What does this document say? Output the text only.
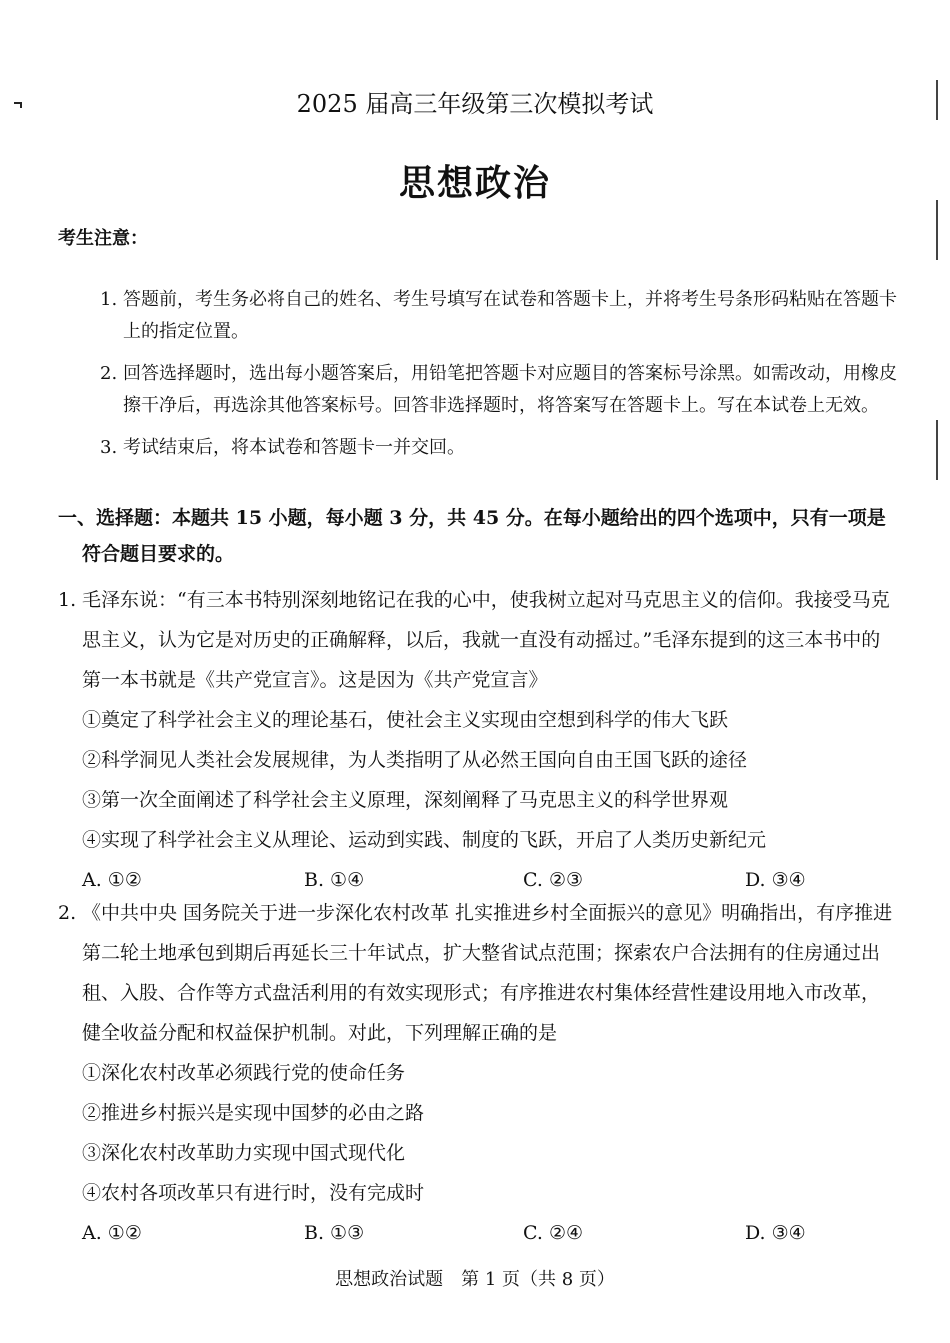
2025 届高三年级第三次模拟考试
思想政治
考生注意：
1. 答题前，考生务必将自己的姓名、考生号填写在试卷和答题卡上，并将考生号条形码粘贴在答题卡上的指定位置。
2. 回答选择题时，选出每小题答案后，用铅笔把答题卡对应题目的答案标号涂黑。如需改动，用橡皮擦干净后，再选涂其他答案标号。回答非选择题时，将答案写在答题卡上。写在本试卷上无效。
3. 考试结束后，将本试卷和答题卡一并交回。
一、选择题：本题共 15 小题，每小题 3 分，共 45 分。在每小题给出的四个选项中，只有一项是
符合题目要求的。
1. 毛泽东说：“有三本书特别深刻地铭记在我的心中，使我树立起对马克思主义的信仰。我接受马克思主义，认为它是对历史的正确解释，以后，我就一直没有动摇过。”毛泽东提到的这三本书中的第一本书就是《共产党宣言》。这是因为《共产党宣言》
①奠定了科学社会主义的理论基石，使社会主义实现由空想到科学的伟大飞跃
②科学洞见人类社会发展规律，为人类指明了从必然王国向自由王国飞跃的途径
③第一次全面阐述了科学社会主义原理，深刻阐释了马克思主义的科学世界观
④实现了科学社会主义从理论、运动到实践、制度的飞跃，开启了人类历史新纪元
A. ①②	B. ①④	C. ②③	D. ③④
2. 《中共中央 国务院关于进一步深化农村改革 扎实推进乡村全面振兴的意见》明确指出，有序推进第二轮土地承包到期后再延长三十年试点，扩大整省试点范围；探索农户合法拥有的住房通过出租、入股、合作等方式盘活利用的有效实现形式；有序推进农村集体经营性建设用地入市改革，健全收益分配和权益保护机制。对此，下列理解正确的是
①深化农村改革必须践行党的使命任务
②推进乡村振兴是实现中国梦的必由之路
③深化农村改革助力实现中国式现代化
④农村各项改革只有进行时，没有完成时
A. ①②	B. ①③	C. ②④	D. ③④
思想政治试题　第 1 页（共 8 页）
